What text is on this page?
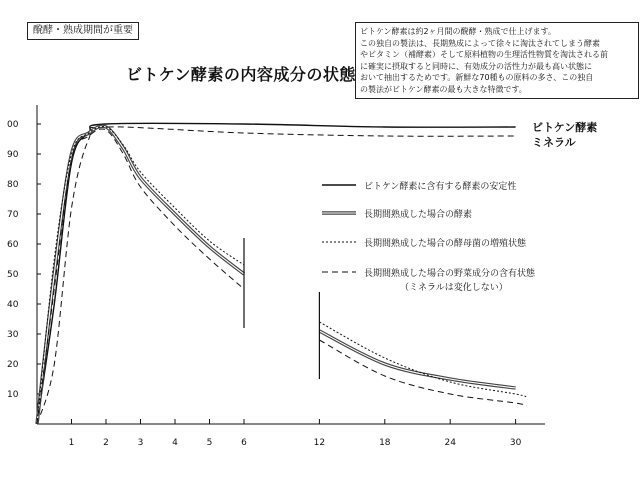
醗酵・熟成期間が重要
ビトケン酵素の内容成分の状態
ビトケン酵素は約2ヶ月間の醗酵・熟成で仕上げます。
この独自の製法は、長期熟成によって徐々に淘汰されてしまう酵素
やビタミン（補酵素）そして原料植物の生理活性物質を淘汰される前
に確実に摂取すると同時に、有効成分の活性力が最も高い状態に
おいて抽出するためです。新鮮な70種もの原料の多さ、この独自
の製法がビトケン酵素の最も大きな特徴です。
1	2	3	4	5	6	12	18	24	30
00
90
80
70
60
50
40
30
20
10
ビトケン酵素
ミネラル
ビトケン酵素に含有する酵素の安定性
長期間熟成した場合の酵素
長期間熟成した場合の酵母菌の増殖状態
長期間熟成した場合の野菜成分の含有状態
（ミネラルは変化しない）
